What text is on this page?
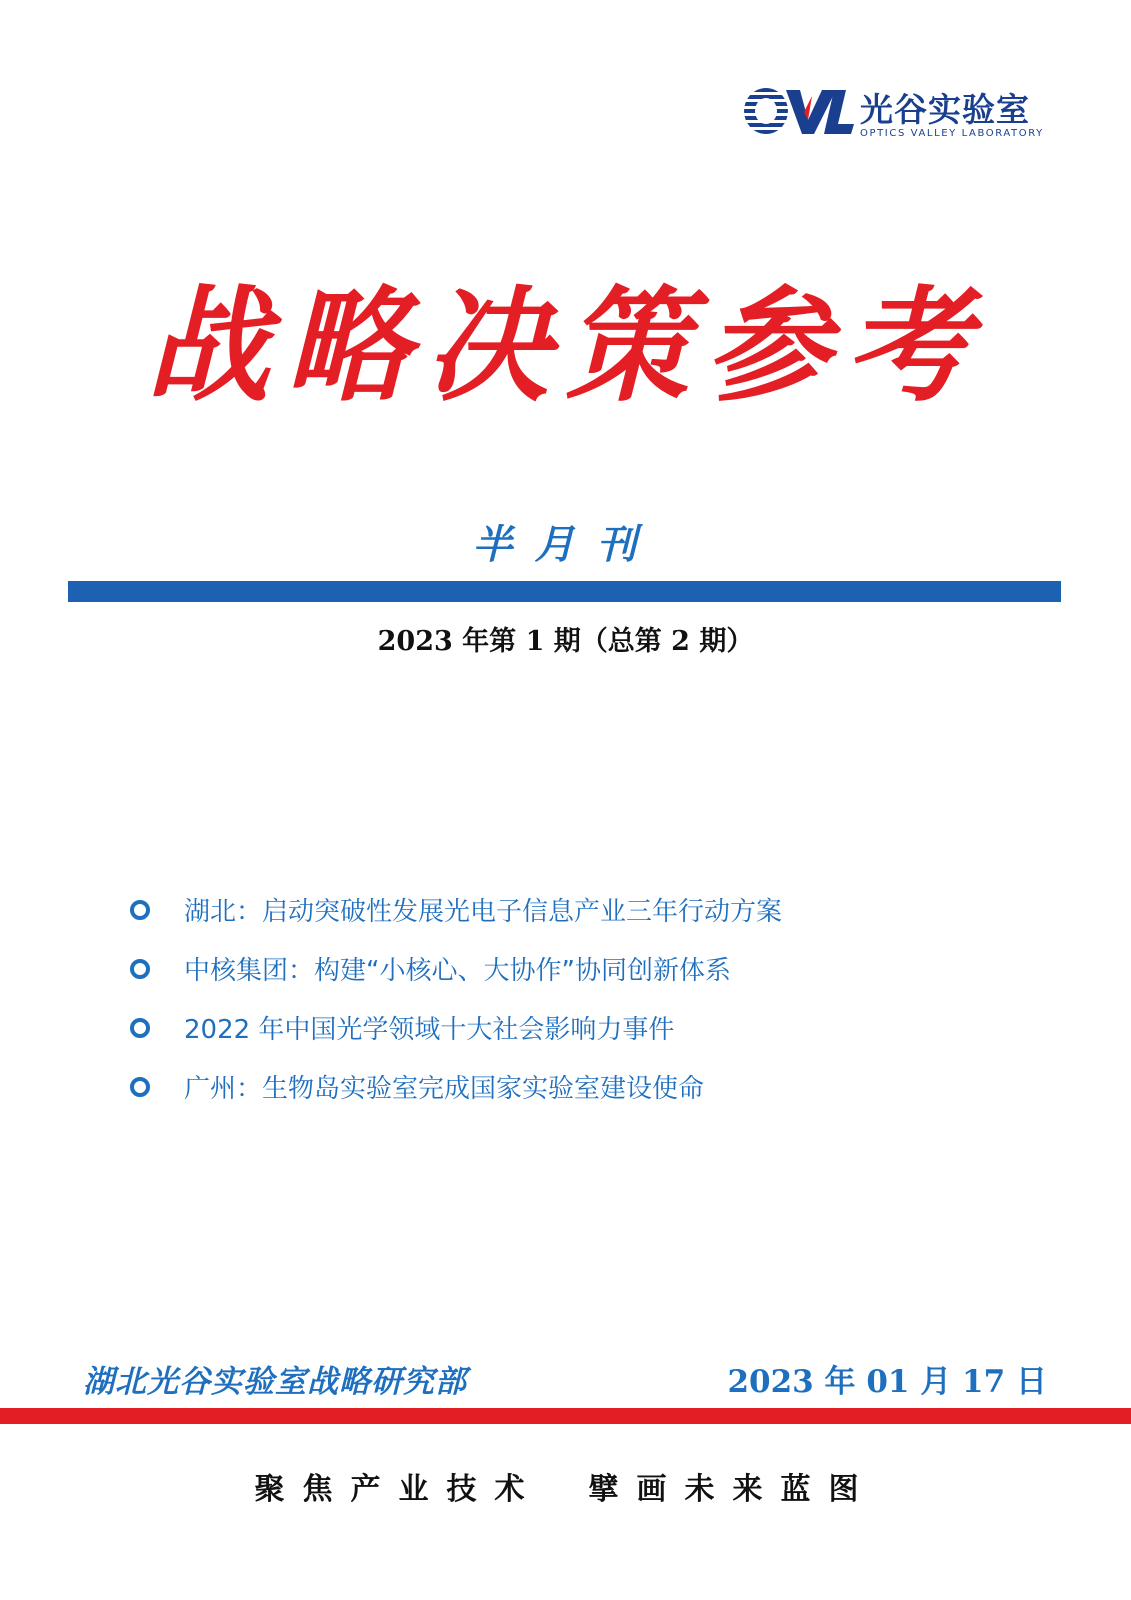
光谷实验室
OPTICS VALLEY LABORATORY
战略决策参考
半月刊
2023 年第 1 期（总第 2 期）
湖北：启动突破性发展光电子信息产业三年行动方案
中核集团：构建“小核心、大协作”协同创新体系
2022 年中国光学领域十大社会影响力事件
广州：生物岛实验室完成国家实验室建设使命
湖北光谷实验室战略研究部	2023 年 01 月 17 日
聚焦产业技术 擘画未来蓝图
